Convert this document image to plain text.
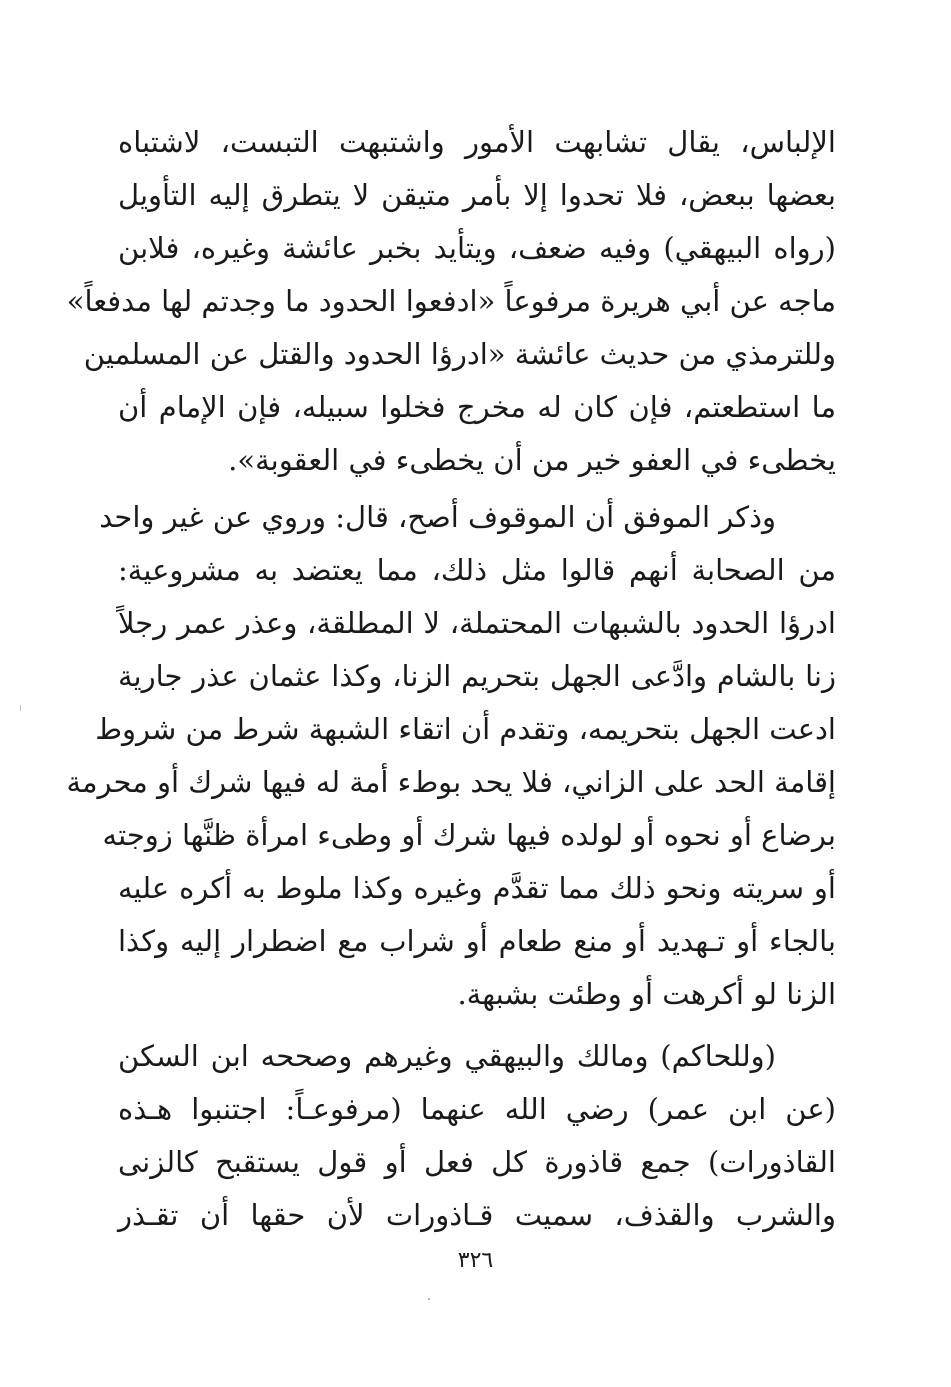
الإلباس، يقال تشابهت الأمور واشتبهت التبست، لاشتباه
بعضها ببعض، فلا تحدوا إلا بأمر متيقن لا يتطرق إليه التأويل
(رواه البيهقي) وفيه ضعف، ويتأيد بخبر عائشة وغيره، فلابن
ماجه عن أبي هريرة مرفوعاً «ادفعوا الحدود ما وجدتم لها مدفعاً»
وللترمذي من حديث عائشة «ادرؤا الحدود والقتل عن المسلمين
ما استطعتم، فإن كان له مخرج فخلوا سبيله، فإن الإمام أن
يخطىء في العفو خير من أن يخطىء في العقوبة».
وذكر الموفق أن الموقوف أصح، قال: وروي عن غير واحد
من الصحابة أنهم قالوا مثل ذلك، مما يعتضد به مشروعية:
ادرؤا الحدود بالشبهات المحتملة، لا المطلقة، وعذر عمر رجلاً
زنا بالشام وادَّعى الجهل بتحريم الزنا، وكذا عثمان عذر جارية
ادعت الجهل بتحريمه، وتقدم أن اتقاء الشبهة شرط من شروط
إقامة الحد على الزاني، فلا يحد بوطء أمة له فيها شرك أو محرمة
برضاع أو نحوه أو لولده فيها شرك أو وطىء امرأة ظنَّها زوجته
أو سريته ونحو ذلك مما تقدَّم وغيره وكذا ملوط به أكره عليه
بالجاء أو تـهديد أو منع طعام أو شراب مع اضطرار إليه وكذا
الزنا لو أكرهت أو وطئت بشبهة.
(وللحاكم) ومالك والبيهقي وغيرهم وصححه ابن السكن
(عن ابن عمر) رضي الله عنهما (مرفوعـاً: اجتنبوا هـذه
القاذورات) جمع قاذورة كل فعل أو قول يستقبح كالزنى
والشرب والقذف، سميت قـاذورات لأن حقها أن تقـذر
٣٢٦
